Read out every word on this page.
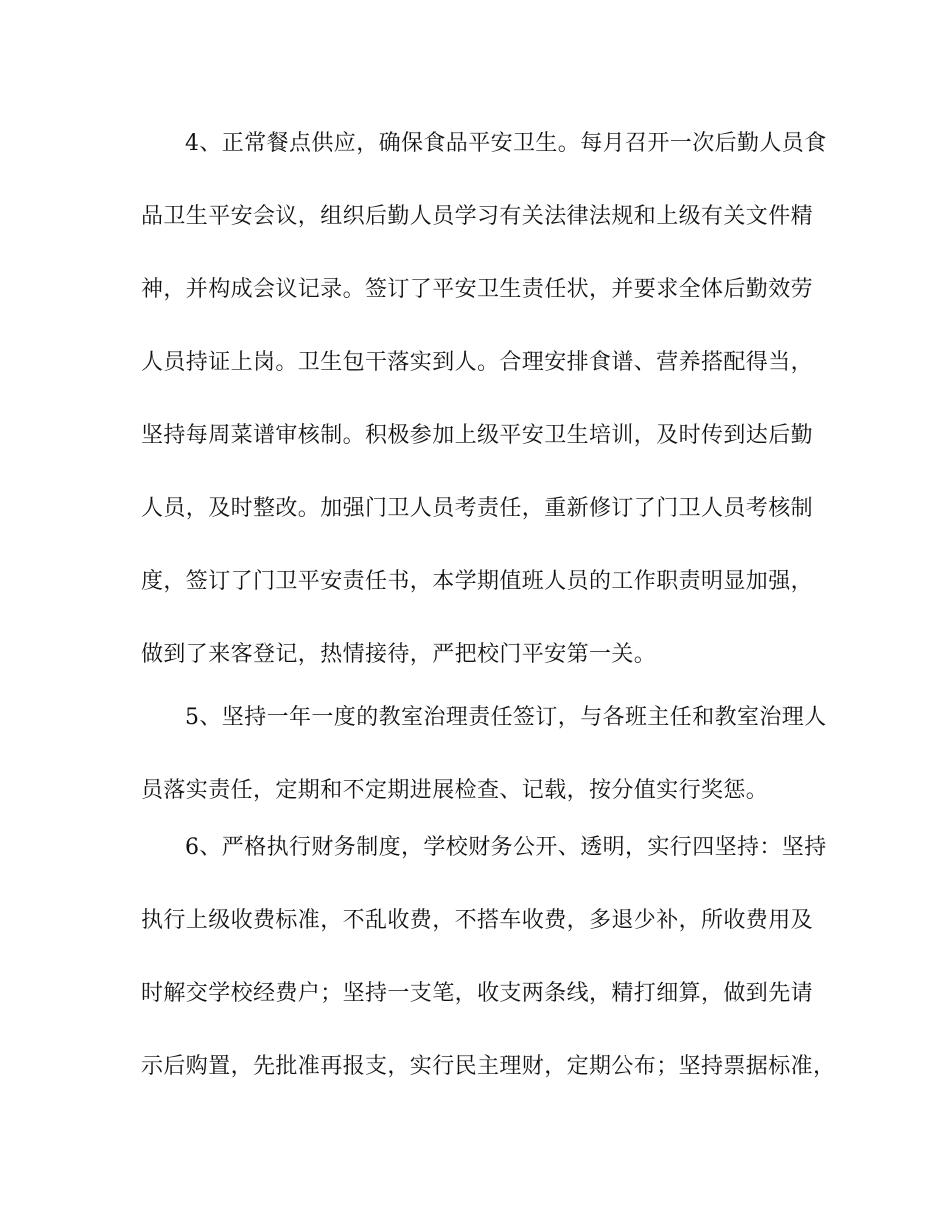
4、正常餐点供应，确保食品平安卫生。每月召开一次后勤人员食

品卫生平安会议，组织后勤人员学习有关法律法规和上级有关文件精

神，并构成会议记录。签订了平安卫生责任状，并要求全体后勤效劳

人员持证上岗。卫生包干落实到人。合理安排食谱、营养搭配得当，

坚持每周菜谱审核制。积极参加上级平安卫生培训，及时传到达后勤

人员，及时整改。加强门卫人员考责任，重新修订了门卫人员考核制

度，签订了门卫平安责任书，本学期值班人员的工作职责明显加强，

做到了来客登记，热情接待，严把校门平安第一关。

5、坚持一年一度的教室治理责任签订，与各班主任和教室治理人

员落实责任，定期和不定期进展检查、记载，按分值实行奖惩。

6、严格执行财务制度，学校财务公开、透明，实行四坚持：坚持

执行上级收费标准，不乱收费，不搭车收费，多退少补，所收费用及

时解交学校经费户；坚持一支笔，收支两条线，精打细算，做到先请

示后购置，先批准再报支，实行民主理财，定期公布；坚持票据标准，
